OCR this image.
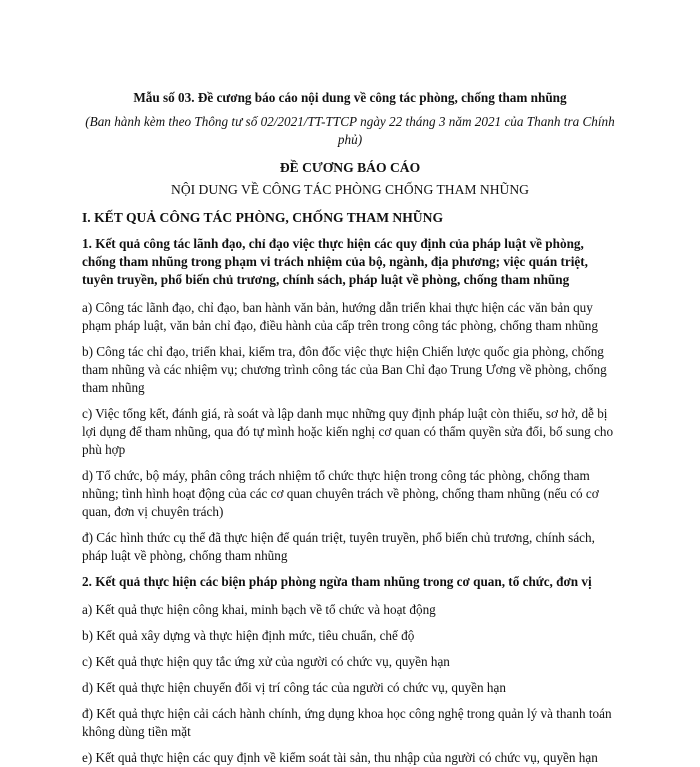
Mẫu số 03. Đề cương báo cáo nội dung về công tác phòng, chống tham nhũng
(Ban hành kèm theo Thông tư số 02/2021/TT-TTCP ngày 22 tháng 3 năm 2021 của Thanh tra Chính phủ)
ĐỀ CƯƠNG BÁO CÁO
NỘI DUNG VỀ CÔNG TÁC PHÒNG CHỐNG THAM NHŨNG
I. KẾT QUẢ CÔNG TÁC PHÒNG, CHỐNG THAM NHŨNG
1. Kết quả công tác lãnh đạo, chỉ đạo việc thực hiện các quy định của pháp luật về phòng, chống tham nhũng trong phạm vi trách nhiệm của bộ, ngành, địa phương; việc quán triệt, tuyên truyền, phổ biến chủ trương, chính sách, pháp luật về phòng, chống tham nhũng
a) Công tác lãnh đạo, chỉ đạo, ban hành văn bản, hướng dẫn triển khai thực hiện các văn bản quy phạm pháp luật, văn bản chỉ đạo, điều hành của cấp trên trong công tác phòng, chống tham nhũng
b) Công tác chỉ đạo, triển khai, kiểm tra, đôn đốc việc thực hiện Chiến lược quốc gia phòng, chống tham nhũng và các nhiệm vụ; chương trình công tác của Ban Chỉ đạo Trung Ương về phòng, chống tham nhũng
c) Việc tổng kết, đánh giá, rà soát và lập danh mục những quy định pháp luật còn thiếu, sơ hở, dễ bị lợi dụng để tham nhũng, qua đó tự mình hoặc kiến nghị cơ quan có thẩm quyền sửa đổi, bổ sung cho phù hợp
d) Tổ chức, bộ máy, phân công trách nhiệm tổ chức thực hiện trong công tác phòng, chống tham nhũng; tình hình hoạt động của các cơ quan chuyên trách về phòng, chống tham nhũng (nếu có cơ quan, đơn vị chuyên trách)
đ) Các hình thức cụ thể đã thực hiện để quán triệt, tuyên truyền, phổ biến chủ trương, chính sách, pháp luật về phòng, chống tham nhũng
2. Kết quả thực hiện các biện pháp phòng ngừa tham nhũng trong cơ quan, tổ chức, đơn vị
a) Kết quả thực hiện công khai, minh bạch về tổ chức và hoạt động
b) Kết quả xây dựng và thực hiện định mức, tiêu chuẩn, chế độ
c) Kết quả thực hiện quy tắc ứng xử của người có chức vụ, quyền hạn
d) Kết quả thực hiện chuyển đổi vị trí công tác của người có chức vụ, quyền hạn
đ) Kết quả thực hiện cải cách hành chính, ứng dụng khoa học công nghệ trong quản lý và thanh toán không dùng tiền mặt
e) Kết quả thực hiện các quy định về kiểm soát tài sản, thu nhập của người có chức vụ, quyền hạn
